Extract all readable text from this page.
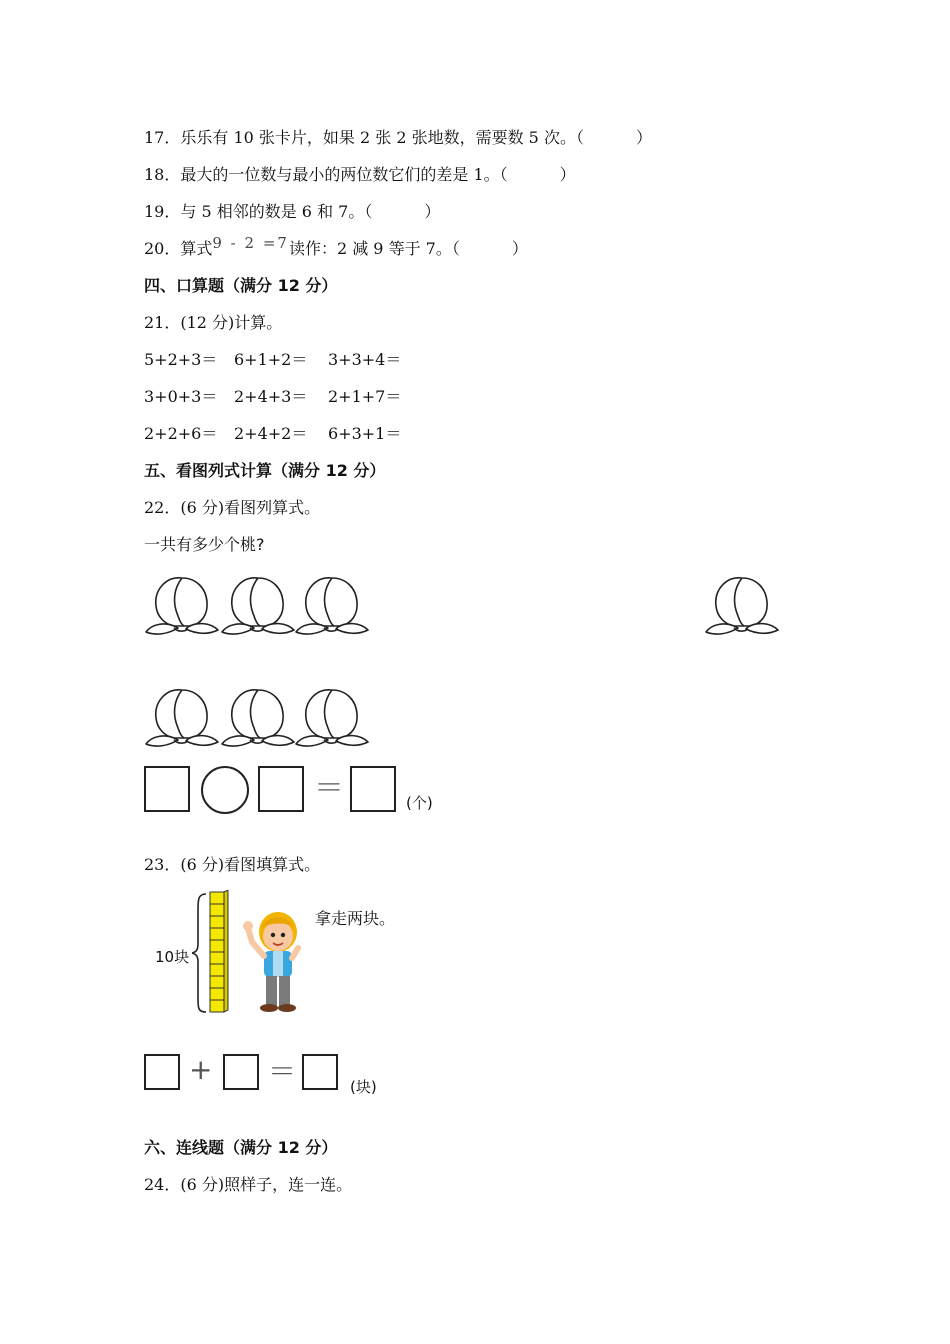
17．乐乐有 10 张卡片，如果 2 张 2 张地数，需要数 5 次。（	）
18．最大的一位数与最小的两位数它们的差是 1。（	）
19．与 5 相邻的数是 6 和 7。（	）
20．算式9 - 2 =7读作：2 减 9 等于 7。（	）
四、口算题（满分 12 分）
21．(12 分)计算。
5+2+3＝ 6+1+2＝ 3+3+4＝
3+0+3＝ 2+4+3＝ 2+1+7＝
2+2+6＝ 2+4+2＝ 6+3+1＝
五、看图列式计算（满分 12 分）
22．(6 分)看图列算式。
一共有多少个桃?
＝	(个)
23．(6 分)看图填算式。
10块
拿走两块。
+ ＝	(块)
六、连线题（满分 12 分）
24．(6 分)照样子，连一连。
